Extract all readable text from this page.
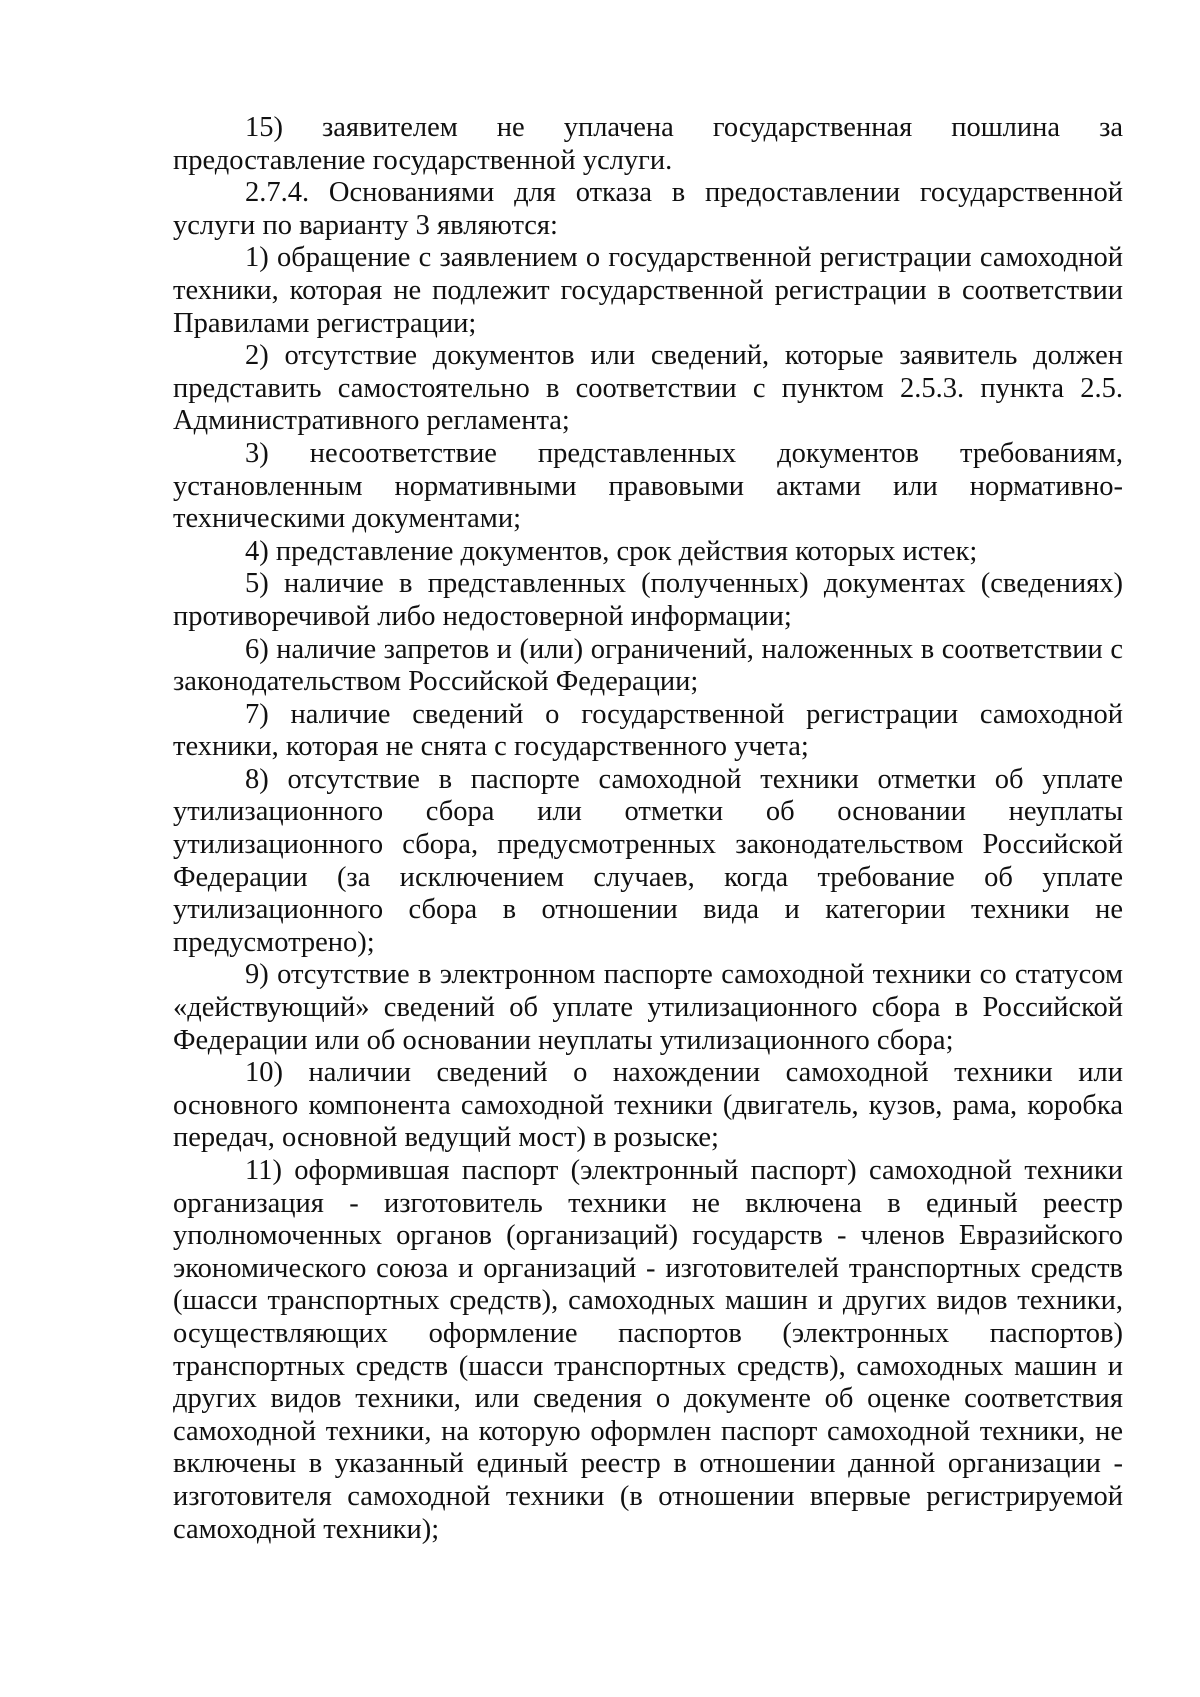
15) заявителем не уплачена государственная пошлина за предоставление государственной услуги.

2.7.4. Основаниями для отказа в предоставлении государственной услуги по варианту 3 являются:

1) обращение с заявлением о государственной регистрации самоходной техники, которая не подлежит государственной регистрации в соответствии Правилами регистрации;

2) отсутствие документов или сведений, которые заявитель должен представить самостоятельно в соответствии с пунктом 2.5.3. пункта 2.5. Административного регламента;

3) несоответствие представленных документов требованиям, установленным нормативными правовыми актами или нормативно-техническими документами;

4) представление документов, срок действия которых истек;

5) наличие в представленных (полученных) документах (сведениях) противоречивой либо недостоверной информации;

6) наличие запретов и (или) ограничений, наложенных в соответствии с законодательством Российской Федерации;

7) наличие сведений о государственной регистрации самоходной техники, которая не снята с государственного учета;

8) отсутствие в паспорте самоходной техники отметки об уплате утилизационного сбора или отметки об основании неуплаты утилизационного сбора, предусмотренных законодательством Российской Федерации (за исключением случаев, когда требование об уплате утилизационного сбора в отношении вида и категории техники не предусмотрено);

9) отсутствие в электронном паспорте самоходной техники со статусом «действующий» сведений об уплате утилизационного сбора в Российской Федерации или об основании неуплаты утилизационного сбора;

10) наличии сведений о нахождении самоходной техники или основного компонента самоходной техники (двигатель, кузов, рама, коробка передач, основной ведущий мост) в розыске;

11) оформившая паспорт (электронный паспорт) самоходной техники организация - изготовитель техники не включена в единый реестр уполномоченных органов (организаций) государств - членов Евразийского экономического союза и организаций - изготовителей транспортных средств (шасси транспортных средств), самоходных машин и других видов техники, осуществляющих оформление паспортов (электронных паспортов) транспортных средств (шасси транспортных средств), самоходных машин и других видов техники, или сведения о документе об оценке соответствия самоходной техники, на которую оформлен паспорт самоходной техники, не включены в указанный единый реестр в отношении данной организации - изготовителя самоходной техники (в отношении впервые регистрируемой самоходной техники);
